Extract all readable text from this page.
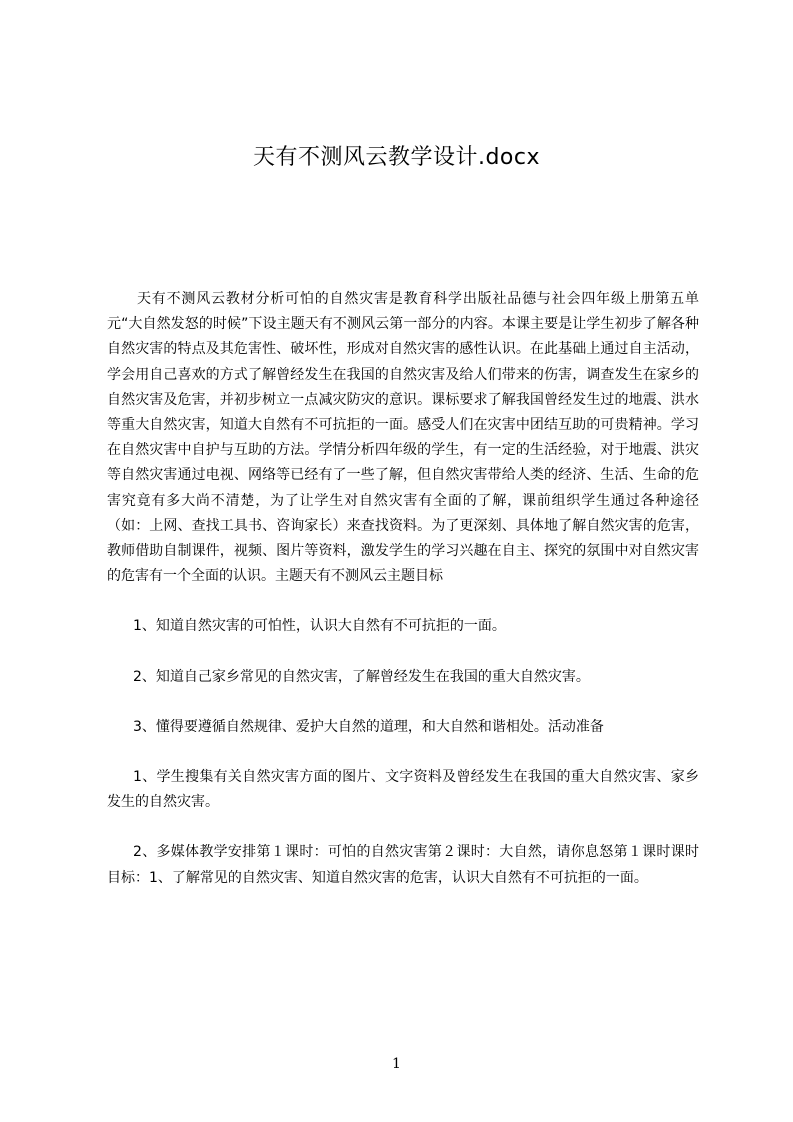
天有不测风云教学设计.docx

天有不测风云教材分析可怕的自然灾害是教育科学出版社品德与社会四年级上册第五单元“大自然发怒的时候”下设主题天有不测风云第一部分的内容。本课主要是让学生初步了解各种自然灾害的特点及其危害性、破坏性，形成对自然灾害的感性认识。在此基础上通过自主活动，学会用自己喜欢的方式了解曾经发生在我国的自然灾害及给人们带来的伤害，调查发生在家乡的自然灾害及危害，并初步树立一点减灾防灾的意识。课标要求了解我国曾经发生过的地震、洪水等重大自然灾害，知道大自然有不可抗拒的一面。感受人们在灾害中团结互助的可贵精神。学习在自然灾害中自护与互助的方法。学情分析四年级的学生，有一定的生活经验，对于地震、洪灾等自然灾害通过电视、网络等已经有了一些了解，但自然灾害带给人类的经济、生活、生命的危害究竟有多大尚不清楚，为了让学生对自然灾害有全面的了解，课前组织学生通过各种途径（如：上网、查找工具书、咨询家长）来查找资料。为了更深刻、具体地了解自然灾害的危害，教师借助自制课件，视频、图片等资料，激发学生的学习兴趣在自主、探究的氛围中对自然灾害的危害有一个全面的认识。主题天有不测风云主题目标

1、知道自然灾害的可怕性，认识大自然有不可抗拒的一面。

2、知道自己家乡常见的自然灾害，了解曾经发生在我国的重大自然灾害。

3、懂得要遵循自然规律、爱护大自然的道理，和大自然和谐相处。活动准备

1、学生搜集有关自然灾害方面的图片、文字资料及曾经发生在我国的重大自然灾害、家乡发生的自然灾害。

2、多媒体教学安排第１课时：可怕的自然灾害第２课时：大自然，请你息怒第１课时课时目标：1、了解常见的自然灾害、知道自然灾害的危害，认识大自然有不可抗拒的一面。

1
